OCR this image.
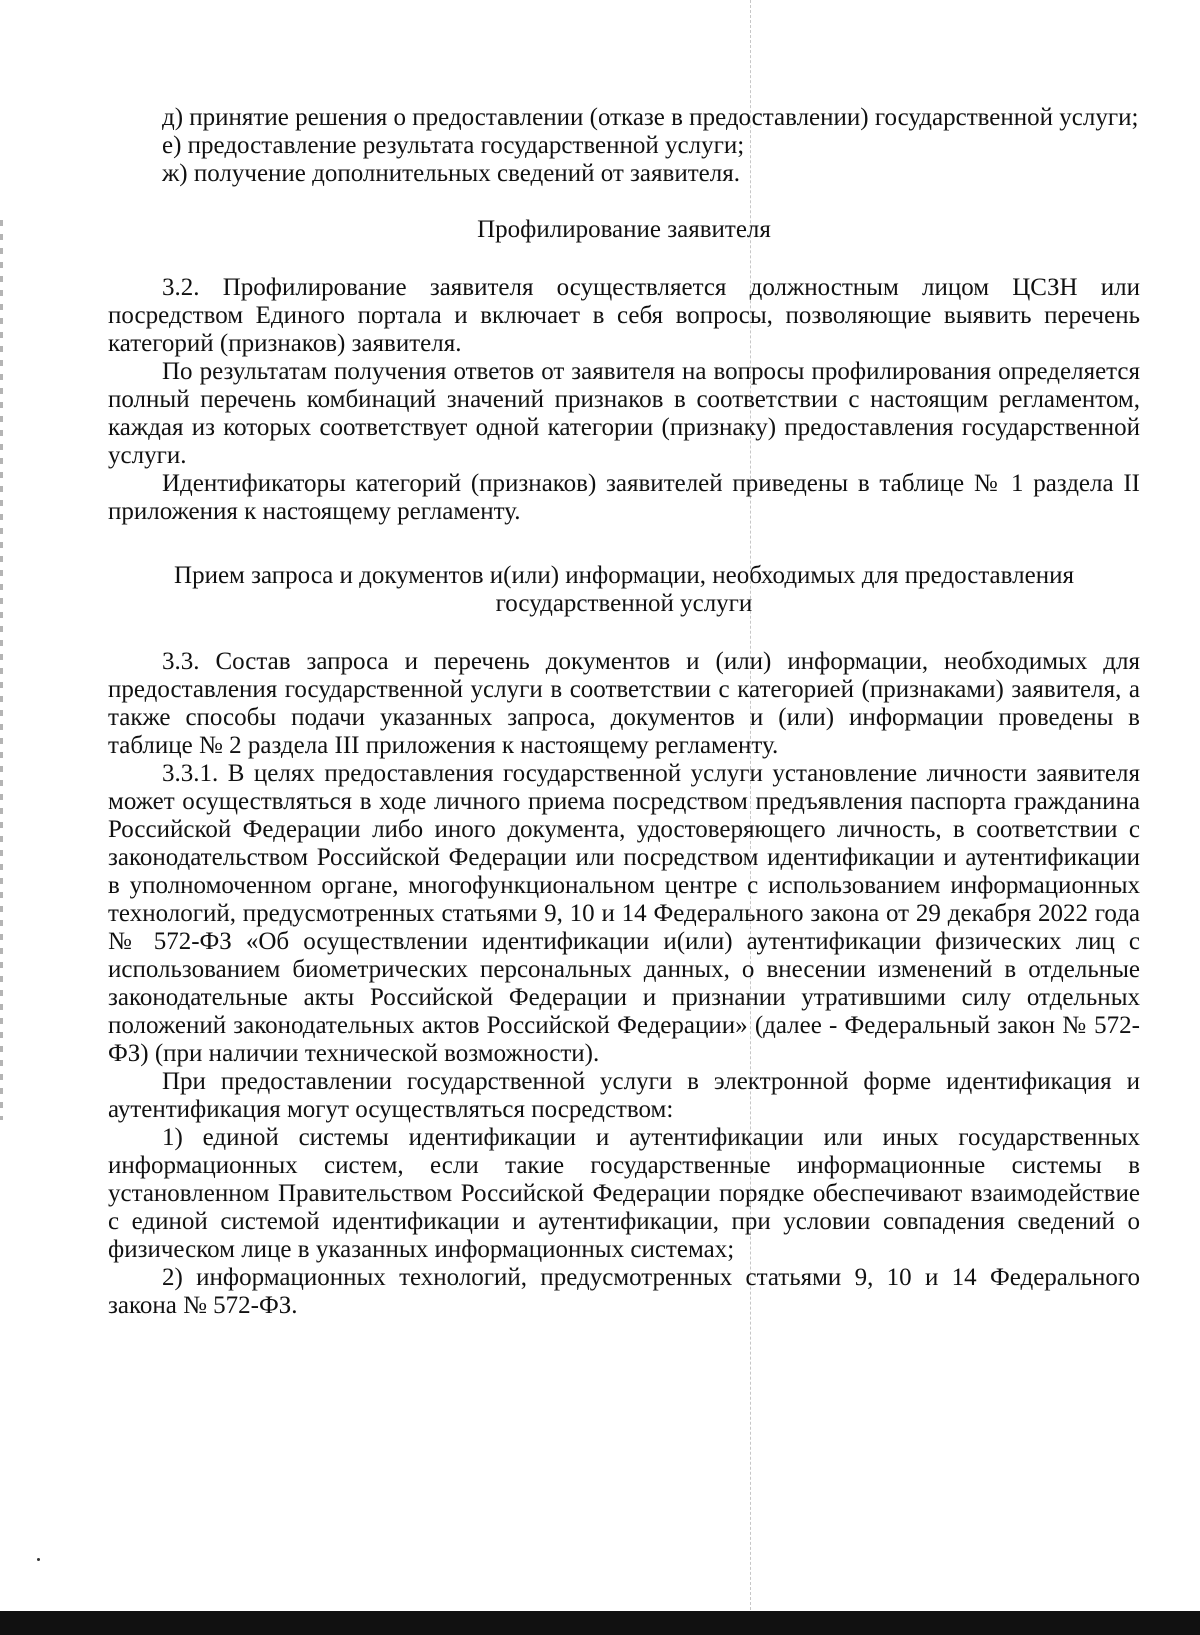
д) принятие решения о предоставлении (отказе в предоставлении) государственной услуги;

е) предоставление результата государственной услуги;

ж) получение дополнительных сведений от заявителя.

Профилирование заявителя

3.2. Профилирование заявителя осуществляется должностным лицом ЦСЗН или посредством Единого портала и включает в себя вопросы, позволяющие выявить перечень категорий (признаков) заявителя.

По результатам получения ответов от заявителя на вопросы профилирования определяется полный перечень комбинаций значений признаков в соответствии с настоящим регламентом, каждая из которых соответствует одной категории (признаку) предоставления государственной услуги.

Идентификаторы категорий (признаков) заявителей приведены в таблице № 1 раздела II приложения к настоящему регламенту.

Прием запроса и документов и(или) информации, необходимых для предоставления

государственной услуги

3.3. Состав запроса и перечень документов и (или) информации, необходимых для предоставления государственной услуги в соответствии с категорией (признаками) заявителя, а также способы подачи указанных запроса, документов и (или) информации проведены в таблице № 2 раздела III приложения к настоящему регламенту.

3.3.1. В целях предоставления государственной услуги установление личности заявителя может осуществляться в ходе личного приема посредством предъявления паспорта гражданина Российской Федерации либо иного документа, удостоверяющего личность, в соответствии с законодательством Российской Федерации или посредством идентификации и аутентификации в уполномоченном органе, многофункциональном центре с использованием информационных технологий, предусмотренных статьями 9, 10 и 14 Федерального закона от 29 декабря 2022 года № 572-ФЗ «Об осуществлении идентификации и(или) аутентификации физических лиц с использованием биометрических персональных данных, о внесении изменений в отдельные законодательные акты Российской Федерации и признании утратившими силу отдельных положений законодательных актов Российской Федерации» (далее - Федеральный закон № 572-ФЗ) (при наличии технической возможности).

При предоставлении государственной услуги в электронной форме идентификация и аутентификация могут осуществляться посредством:

1) единой системы идентификации и аутентификации или иных государственных информационных систем, если такие государственные информационные системы в установленном Правительством Российской Федерации порядке обеспечивают взаимодействие с единой системой идентификации и аутентификации, при условии совпадения сведений о физическом лице в указанных информационных системах;

2) информационных технологий, предусмотренных статьями 9, 10 и 14 Федерального закона № 572-ФЗ.
